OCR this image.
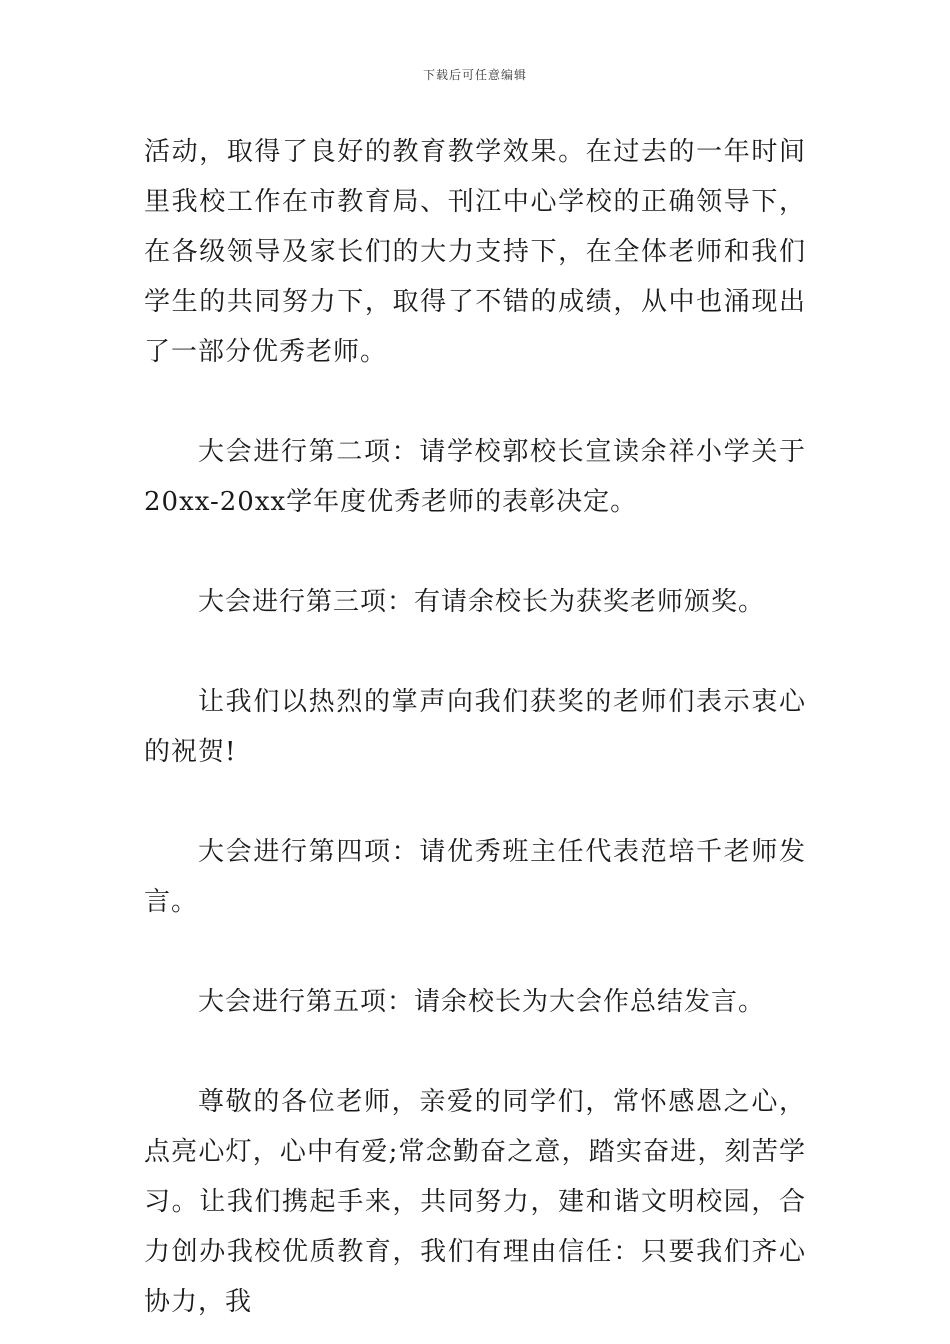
下载后可任意编辑

活动，取得了良好的教育教学效果。在过去的一年时间里我校工作在市教育局、刊江中心学校的正确领导下，在各级领导及家长们的大力支持下，在全体老师和我们学生的共同努力下，取得了不错的成绩，从中也涌现出了一部分优秀老师。

大会进行第二项：请学校郭校长宣读余祥小学关于20xx-20xx学年度优秀老师的表彰决定。

大会进行第三项：有请余校长为获奖老师颁奖。

让我们以热烈的掌声向我们获奖的老师们表示衷心的祝贺!

大会进行第四项：请优秀班主任代表范培千老师发言。

大会进行第五项：请余校长为大会作总结发言。

尊敬的各位老师，亲爱的同学们，常怀感恩之心，点亮心灯，心中有爱;常念勤奋之意，踏实奋进，刻苦学习。让我们携起手来，共同努力，建和谐文明校园，合力创办我校优质教育，我们有理由信任：只要我们齐心协力，我
